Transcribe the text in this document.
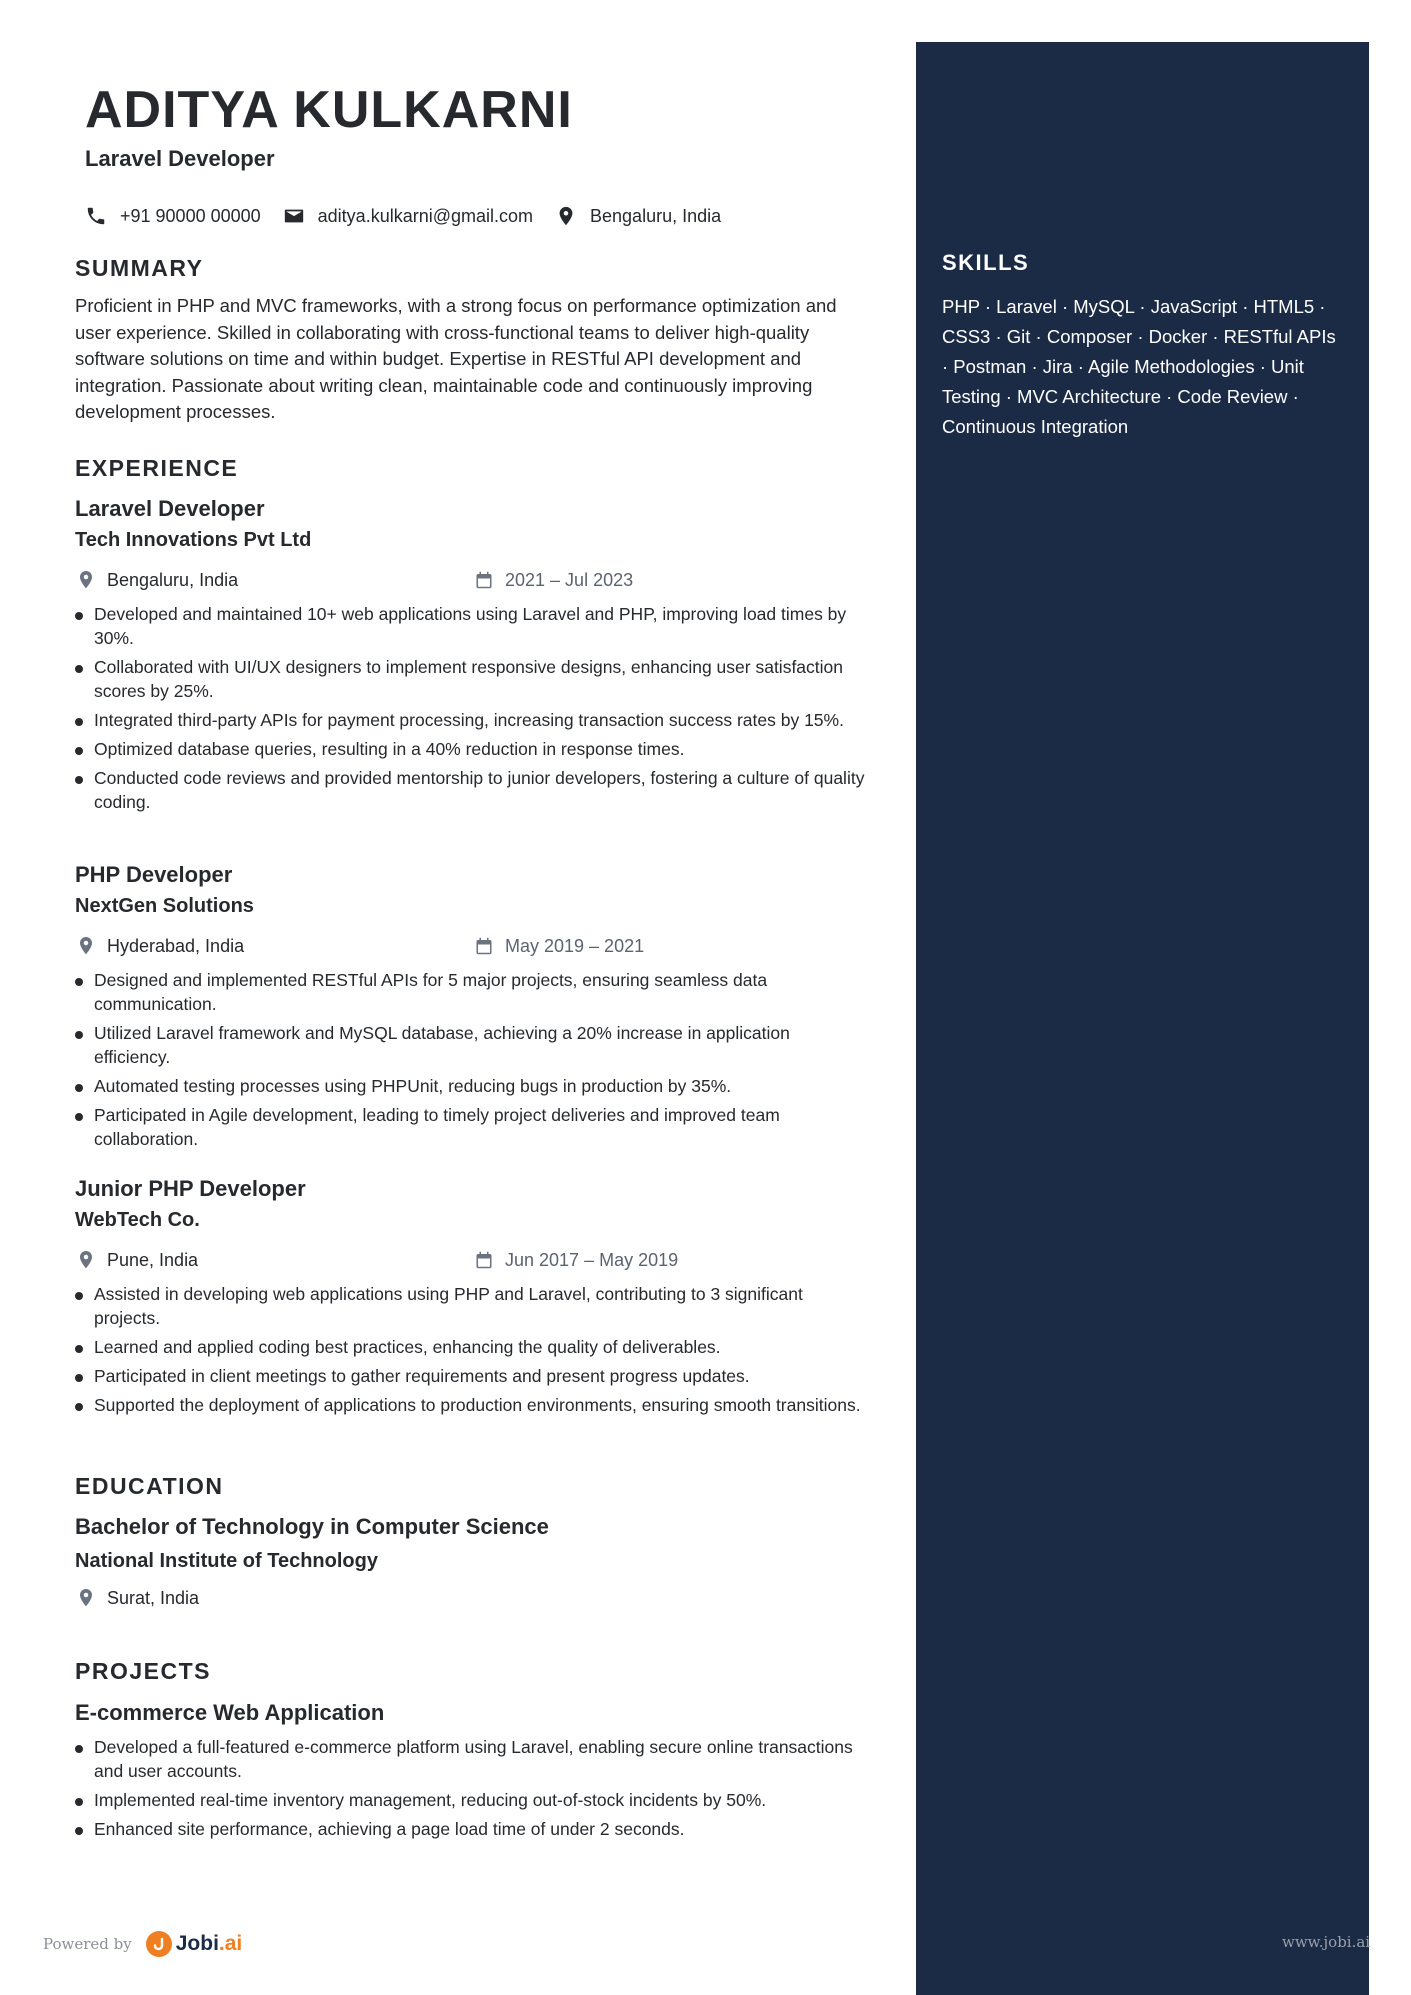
ADITYA KULKARNI
Laravel Developer
+91 90000 00000	aditya.kulkarni@gmail.com	Bengaluru, India
SUMMARY
Proficient in PHP and MVC frameworks, with a strong focus on performance optimization and user experience. Skilled in collaborating with cross-functional teams to deliver high-quality software solutions on time and within budget. Expertise in RESTful API development and integration. Passionate about writing clean, maintainable code and continuously improving development processes.
EXPERIENCE
Laravel Developer
Tech Innovations Pvt Ltd
Bengaluru, India	2021 – Jul 2023
Developed and maintained 10+ web applications using Laravel and PHP, improving load times by 30%.
Collaborated with UI/UX designers to implement responsive designs, enhancing user satisfaction scores by 25%.
Integrated third-party APIs for payment processing, increasing transaction success rates by 15%.
Optimized database queries, resulting in a 40% reduction in response times.
Conducted code reviews and provided mentorship to junior developers, fostering a culture of quality coding.
PHP Developer
NextGen Solutions
Hyderabad, India	May 2019 – 2021
Designed and implemented RESTful APIs for 5 major projects, ensuring seamless data communication.
Utilized Laravel framework and MySQL database, achieving a 20% increase in application efficiency.
Automated testing processes using PHPUnit, reducing bugs in production by 35%.
Participated in Agile development, leading to timely project deliveries and improved team collaboration.
Junior PHP Developer
WebTech Co.
Pune, India	Jun 2017 – May 2019
Assisted in developing web applications using PHP and Laravel, contributing to 3 significant projects.
Learned and applied coding best practices, enhancing the quality of deliverables.
Participated in client meetings to gather requirements and present progress updates.
Supported the deployment of applications to production environments, ensuring smooth transitions.
EDUCATION
Bachelor of Technology in Computer Science
National Institute of Technology
Surat, India
PROJECTS
E-commerce Web Application
Developed a full-featured e-commerce platform using Laravel, enabling secure online transactions and user accounts.
Implemented real-time inventory management, reducing out-of-stock incidents by 50%.
Enhanced site performance, achieving a page load time of under 2 seconds.
Powered by Jobi.ai
SKILLS
PHP · Laravel · MySQL · JavaScript · HTML5 · CSS3 · Git · Composer · Docker · RESTful APIs · Postman · Jira · Agile Methodologies · Unit Testing · MVC Architecture · Code Review · Continuous Integration
www.jobi.ai
